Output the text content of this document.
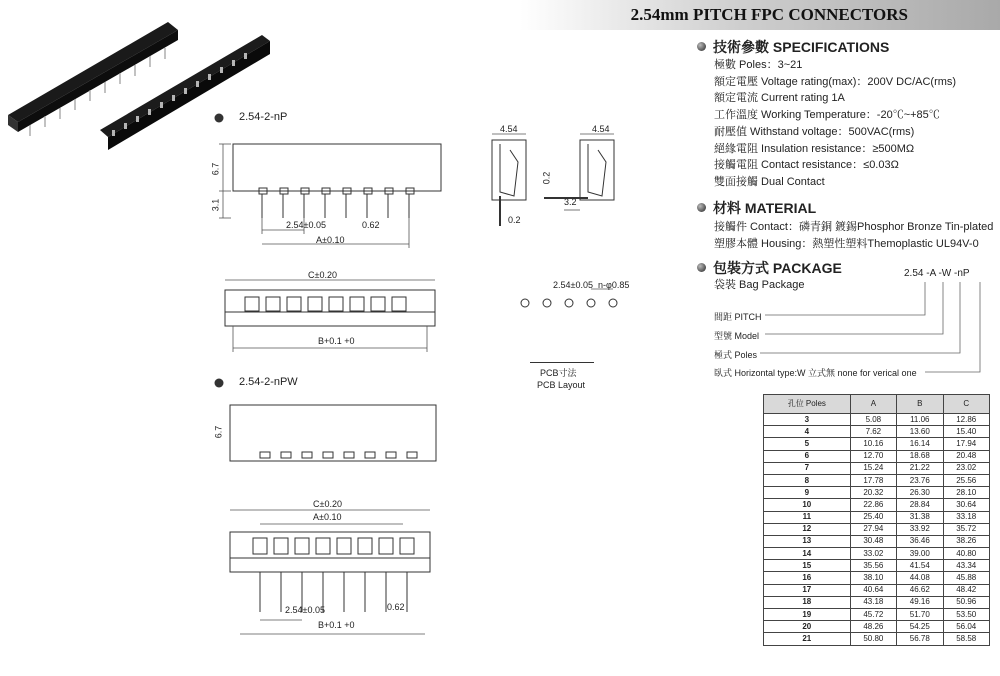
2.54mm PITCH FPC CONNECTORS
2.54-2-nP
6.7
3.1
2.54±0.05	0.62
A±0.10
C±0.20
B+0.1 +0
4.54	4.54
0.2
0.2
3.2
2.54±0.05 n-φ0.85
PCB寸法
PCB Layout
2.54-2-nPW
6.7
C±0.20
A±0.10
2.54±0.05	0.62
B+0.1 +0
技術參數 SPECIFICATIONS
極數 Poles：3~21
額定電壓 Voltage rating(max)：200V DC/AC(rms)
額定電流 Current rating 1A
工作溫度 Working Temperature：-20℃~+85℃
耐壓值 Withstand voltage：500VAC(rms)
絕緣電阻 Insulation resistance：≥500MΩ
接觸電阻 Contact resistance：≤0.03Ω
雙面接觸 Dual Contact
材料 MATERIAL
接觸件 Contact：磷青銅 鍍錫Phosphor Bronze Tin-plated
塑膠本體 Housing：熱塑性塑料Themoplastic UL94V-0
包裝方式 PACKAGE
袋裝 Bag Package
2.54 -A -W -nP
間距 PITCH
型號 Model
極式 Poles
臥式 Horizontal type:W 立式無 none for verical one
孔位 Poles	A	B	C
3	5.08	11.06	12.86
4	7.62	13.60	15.40
5	10.16	16.14	17.94
6	12.70	18.68	20.48
7	15.24	21.22	23.02
8	17.78	23.76	25.56
9	20.32	26.30	28.10
10	22.86	28.84	30.64
11	25.40	31.38	33.18
12	27.94	33.92	35.72
13	30.48	36.46	38.26
14	33.02	39.00	40.80
15	35.56	41.54	43.34
16	38.10	44.08	45.88
17	40.64	46.62	48.42
18	43.18	49.16	50.96
19	45.72	51.70	53.50
20	48.26	54.25	56.04
21	50.80	56.78	58.58
